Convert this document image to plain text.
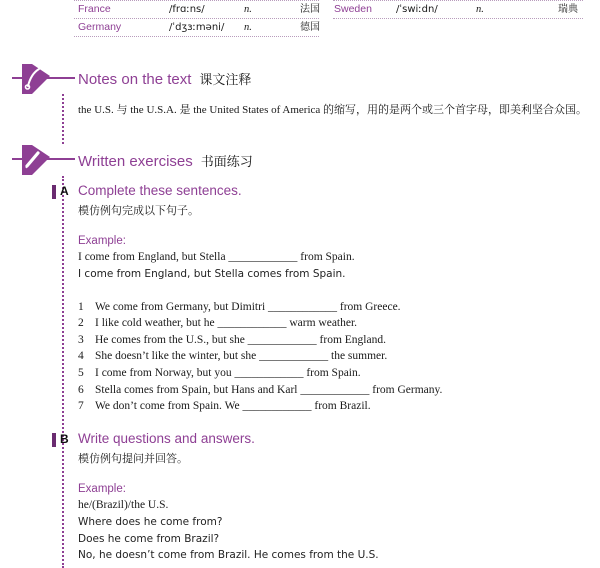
France	/frɑːns/	n.	法国
Germany	/ˈdʒɜːməni/ n.	德国
Sweden /ˈswiːdn/	n.	瑞典
Notes on the text 课文注释
the U.S. 与 the U.S.A. 是 the United States of America 的缩写，用的是两个或三个首字母，即美利坚合众国。
Written exercises 书面练习
A Complete these sentences.
模仿例句完成以下句子。
Example:
I come from England, but Stella ____________ from Spain.
I come from England, but Stella comes from Spain.
1 We come from Germany, but Dimitri ____________ from Greece.
2 I like cold weather, but he ____________ warm weather.
3 He comes from the U.S., but she ____________ from England.
4 She doesn’t like the winter, but she ____________ the summer.
5 I come from Norway, but you ____________ from Spain.
6 Stella comes from Spain, but Hans and Karl ____________ from Germany.
7 We don’t come from Spain. We ____________ from Brazil.
B Write questions and answers.
模仿例句提问并回答。
Example:
he/(Brazil)/the U.S.
Where does he come from?
Does he come from Brazil?
No, he doesn’t come from Brazil. He comes from the U.S.
